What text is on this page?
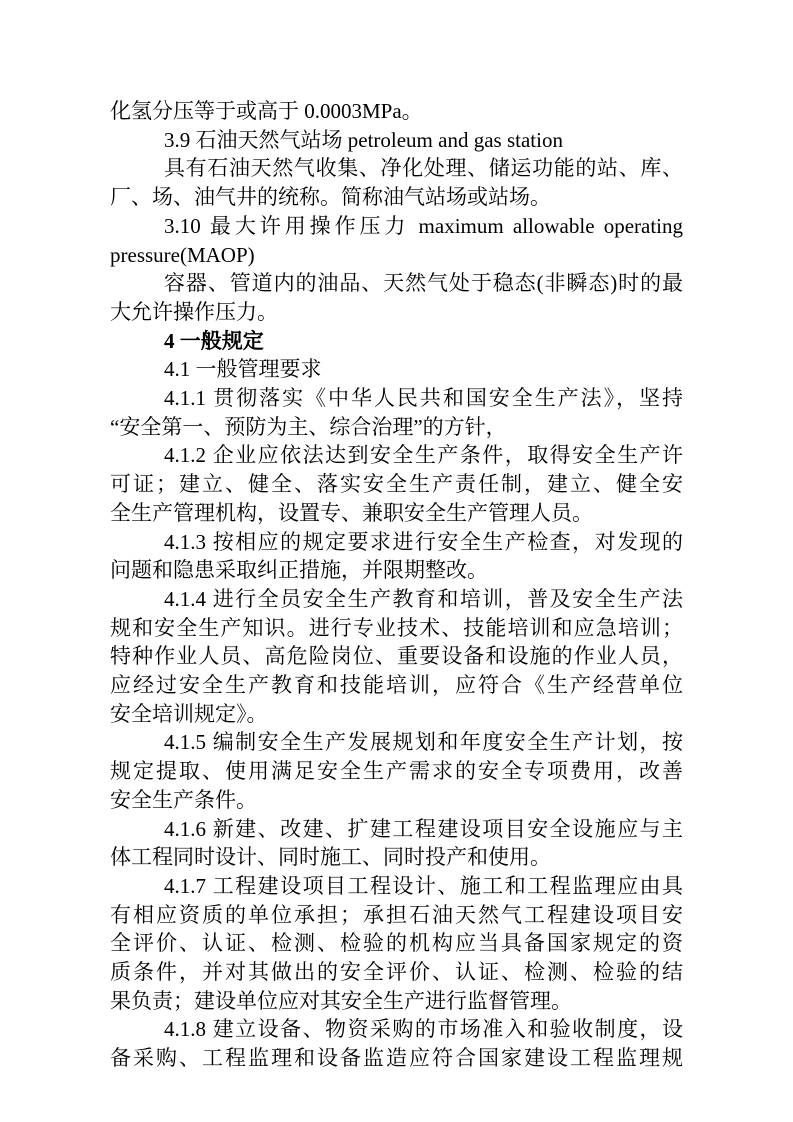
化氢分压等于或高于 0.0003MPa。
3.9 石油天然气站场 petroleum and gas station
具有石油天然气收集、净化处理、储运功能的站、库、
厂、场、油气井的统称。简称油气站场或站场。
3.10 最大许用操作压力 maximum allowable operating
pressure(MAOP)
容器、管道内的油品、天然气处于稳态(非瞬态)时的最
大允许操作压力。
4 一般规定
4.1 一般管理要求
4.1.1 贯彻落实《中华人民共和国安全生产法》，坚持
“安全第一、预防为主、综合治理”的方针，
4.1.2 企业应依法达到安全生产条件，取得安全生产许
可证；建立、健全、落实安全生产责任制，建立、健全安
全生产管理机构，设置专、兼职安全生产管理人员。
4.1.3 按相应的规定要求进行安全生产检查，对发现的
问题和隐患采取纠正措施，并限期整改。
4.1.4 进行全员安全生产教育和培训，普及安全生产法
规和安全生产知识。进行专业技术、技能培训和应急培训；
特种作业人员、高危险岗位、重要设备和设施的作业人员，
应经过安全生产教育和技能培训，应符合《生产经营单位
安全培训规定》。
4.1.5 编制安全生产发展规划和年度安全生产计划，按
规定提取、使用满足安全生产需求的安全专项费用，改善
安全生产条件。
4.1.6 新建、改建、扩建工程建设项目安全设施应与主
体工程同时设计、同时施工、同时投产和使用。
4.1.7 工程建设项目工程设计、施工和工程监理应由具
有相应资质的单位承担；承担石油天然气工程建设项目安
全评价、认证、检测、检验的机构应当具备国家规定的资
质条件，并对其做出的安全评价、认证、检测、检验的结
果负责；建设单位应对其安全生产进行监督管理。
4.1.8 建立设备、物资采购的市场准入和验收制度，设
备采购、工程监理和设备监造应符合国家建设工程监理规
